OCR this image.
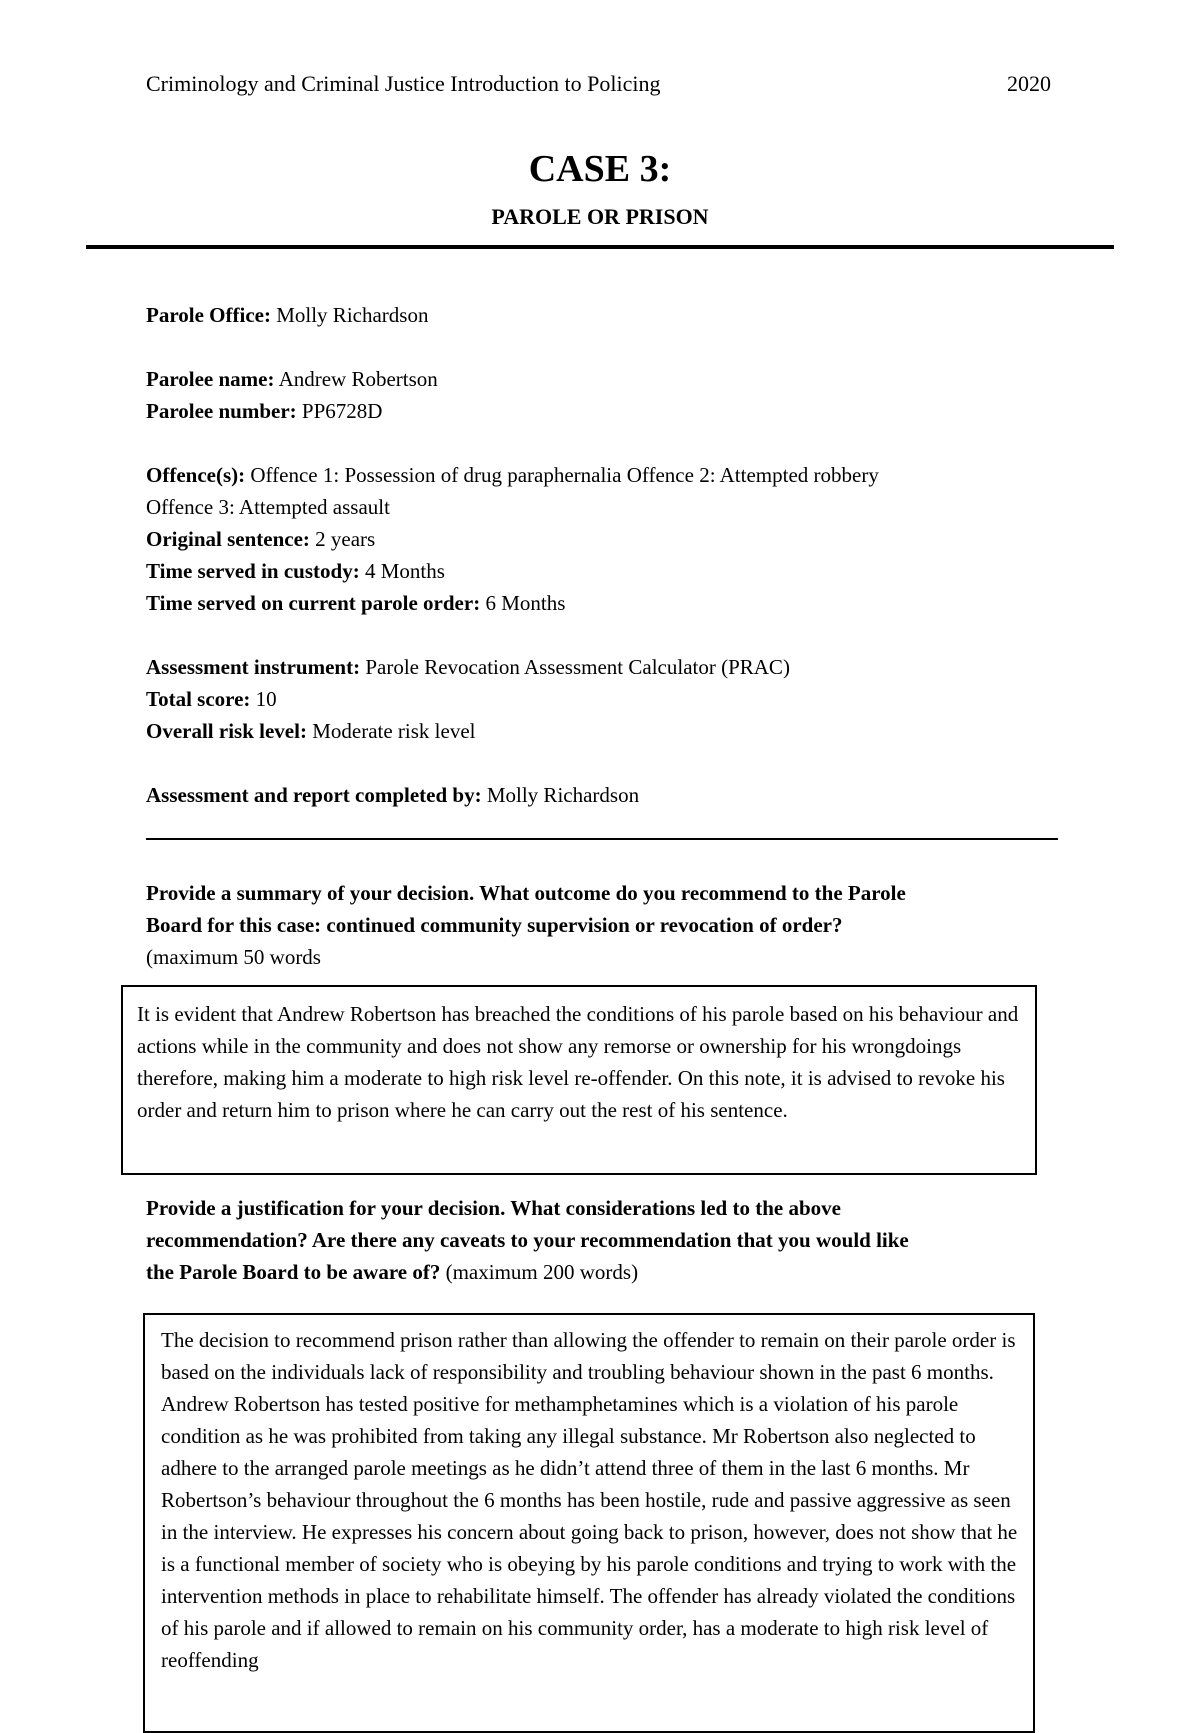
Criminology and Criminal Justice Introduction to Policing	2020
CASE 3:
PAROLE OR PRISON
Parole Office: Molly Richardson
Parolee name: Andrew Robertson
Parolee number: PP6728D
Offence(s): Offence 1: Possession of drug paraphernalia Offence 2: Attempted robbery
Offence 3: Attempted assault
Original sentence: 2 years
Time served in custody: 4 Months
Time served on current parole order: 6 Months
Assessment instrument: Parole Revocation Assessment Calculator (PRAC)
Total score: 10
Overall risk level: Moderate risk level
Assessment and report completed by: Molly Richardson
Provide a summary of your decision. What outcome do you recommend to the Parole
Board for this case: continued community supervision or revocation of order?
(maximum 50 words

It is evident that Andrew Robertson has breached the conditions of his parole based on his behaviour and actions while in the community and does not show any remorse or ownership for his wrongdoings therefore, making him a moderate to high risk level re-offender. On this note, it is advised to revoke his order and return him to prison where he can carry out the rest of his sentence.

Provide a justification for your decision. What considerations led to the above
recommendation? Are there any caveats to your recommendation that you would like
the Parole Board to be aware of? (maximum 200 words)

The decision to recommend prison rather than allowing the offender to remain on their parole order is based on the individuals lack of responsibility and troubling behaviour shown in the past 6 months. Andrew Robertson has tested positive for methamphetamines which is a violation of his parole condition as he was prohibited from taking any illegal substance. Mr Robertson also neglected to adhere to the arranged parole meetings as he didn’t attend three of them in the last 6 months. Mr Robertson’s behaviour throughout the 6 months has been hostile, rude and passive aggressive as seen in the interview. He expresses his concern about going back to prison, however, does not show that he is a functional member of society who is obeying by his parole conditions and trying to work with the intervention methods in place to rehabilitate himself. The offender has already violated the conditions of his parole and if allowed to remain on his community order, has a moderate to high risk level of reoffending
